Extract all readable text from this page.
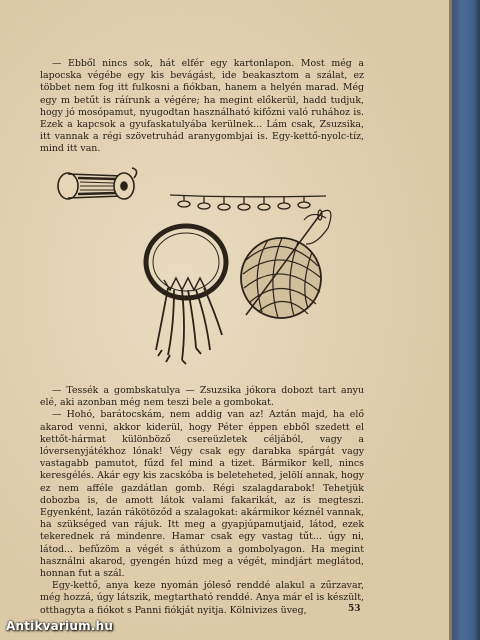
— Ebből nincs sok, hát elfér egy kartonlapon. Most még a lapocska végébe egy kis bevágást, ide beakasztom a szálat, ez többet nem fog itt fulkosni a fiókban, hanem a helyén marad. Még egy m betűt is ráírunk a végére; ha megint előkerül, hadd tudjuk, hogy jó mosópamut, nyugodtan használható kifőzni való ruhához is. Ezek a kapcsok a gyufaskatulyába kerülnek... Lám csak, Zsuzsika, itt vannak a régi szövetruhád aranygombjai is. Egy-kettő-nyolc-tíz, mind itt van.

— Tessék a gombskatulya — Zsuzsika jókora dobozt tart anyu elé, aki azonban még nem teszi bele a gombokat.

— Hohó, barátocskám, nem addig van az! Aztán majd, ha elő akarod venni, akkor kiderül, hogy Péter éppen ebből szedett el kettőt-hármat különböző csereüzletek céljából, vagy a lóversenyjátékhoz lónak! Végy csak egy darabka spárgát vagy vastagabb pamutot, fűzd fel mind a tizet. Bármikor kell, nincs keresgélés. Akár egy kis zacskóba is beleteheted, jelölí annak, hogy ez nem afféle gazdátlan gomb. Régi szalagdarabok! Tehetjük dobozba is, de amott látok valami fakarikát, az is megteszi. Egyenként, lazán rákötöződ a szalagokat: akármikor kéznél vannak, ha szükséged van rájuk. Itt meg a gyapjúpamutjaid, látod, ezek tekerednek rá mindenre. Hamar csak egy vastag tűt... úgy ni, látod... befűzöm a végét s áthúzom a gombolyagon. Ha megint használni akarod, gyengén húzd meg a végét, mindjárt meglátod, honnan fut a szál.

Egy-kettő, anya keze nyomán jóleső renddé alakul a zűrzavar, még hozzá, úgy látszik, megtartható renddé. Anya már el is készült, otthagyta a fiókot s Panni fiókját nyitja. Kölnivizes üveg,	53
Antikvarium.hu
